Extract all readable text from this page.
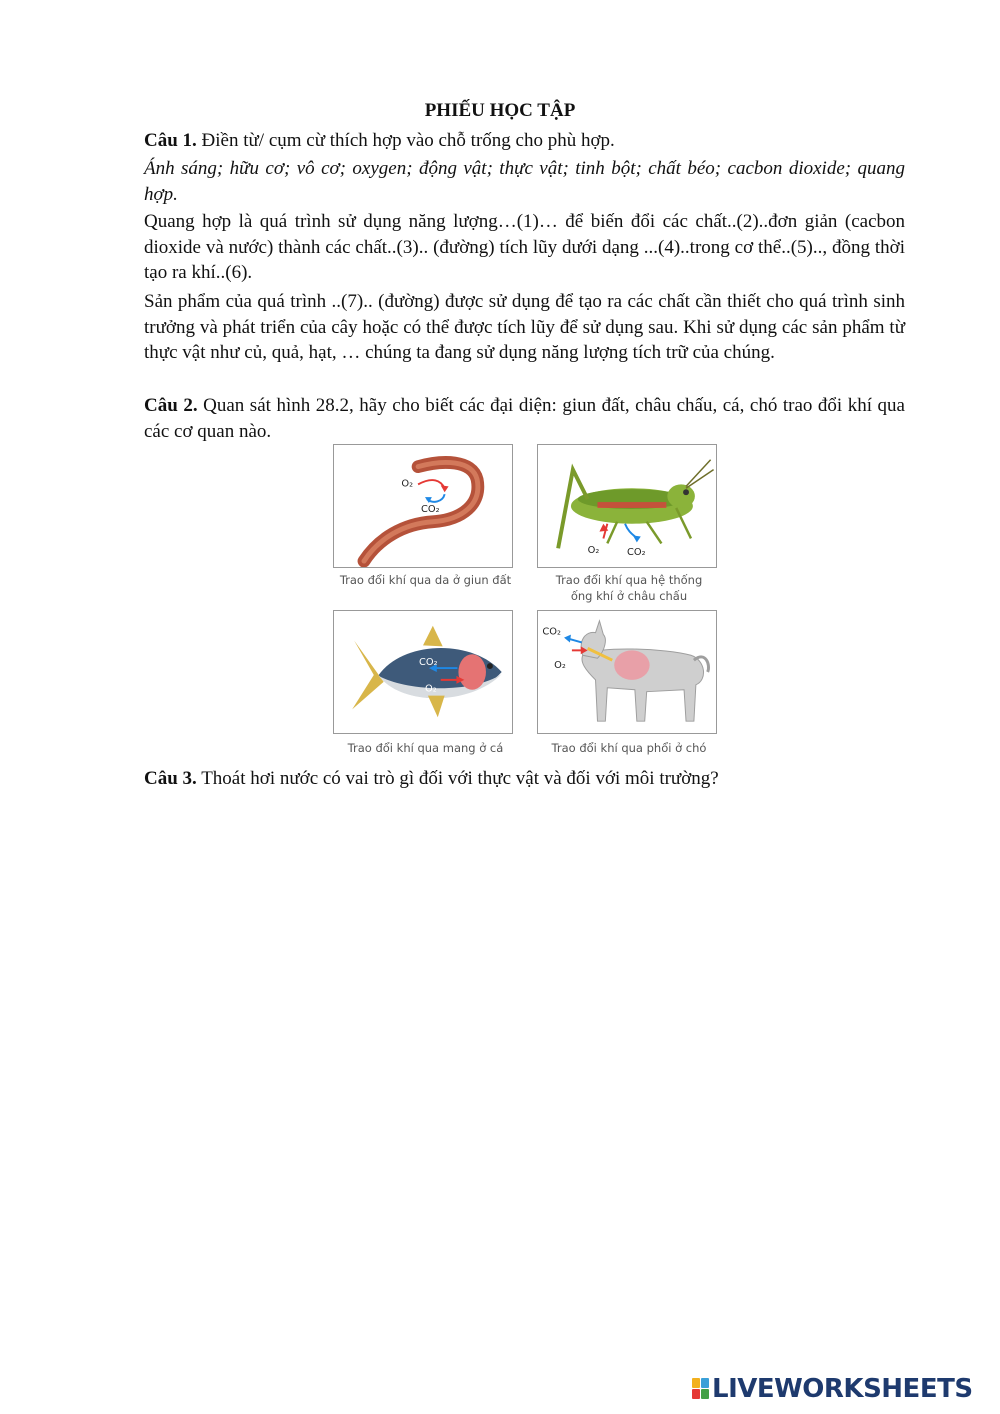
PHIẾU HỌC TẬP

Câu 1. Điền từ/ cụm cừ thích hợp vào chỗ trống cho phù hợp.

Ánh sáng; hữu cơ; vô cơ; oxygen; động vật; thực vật; tinh bột; chất béo; cacbon dioxide; quang hợp.

Quang hợp là quá trình sử dụng năng lượng…(1)… để biến đổi các chất..(2)..đơn giản (cacbon dioxide và nước) thành các chất..(3).. (đường) tích lũy dưới dạng ...(4)..trong cơ thể..(5).., đồng thời tạo ra khí..(6).

Sản phẩm của quá trình ..(7).. (đường) được sử dụng để tạo ra các chất cần thiết cho quá trình sinh trưởng và phát triển của cây hoặc có thể được tích lũy để sử dụng sau. Khi sử dụng các sản phẩm từ thực vật như củ, quả, hạt, … chúng ta đang sử dụng năng lượng tích trữ của chúng.

Câu 2. Quan sát hình 28.2, hãy cho biết các đại diện: giun đất, châu chấu, cá, chó trao đổi khí qua các cơ quan nào.

O₂
CO₂
Trao đổi khí qua da ở giun đất
O₂	CO₂
Trao đổi khí qua hệ thống
ống khí ở châu chấu
CO₂
O₂
Trao đổi khí qua mang ở cá
CO₂
O₂
Trao đổi khí qua phổi ở chó

Câu 3. Thoát hơi nước có vai trò gì đối với thực vật và đối với môi trường?

LIVEWORKSHEETS
